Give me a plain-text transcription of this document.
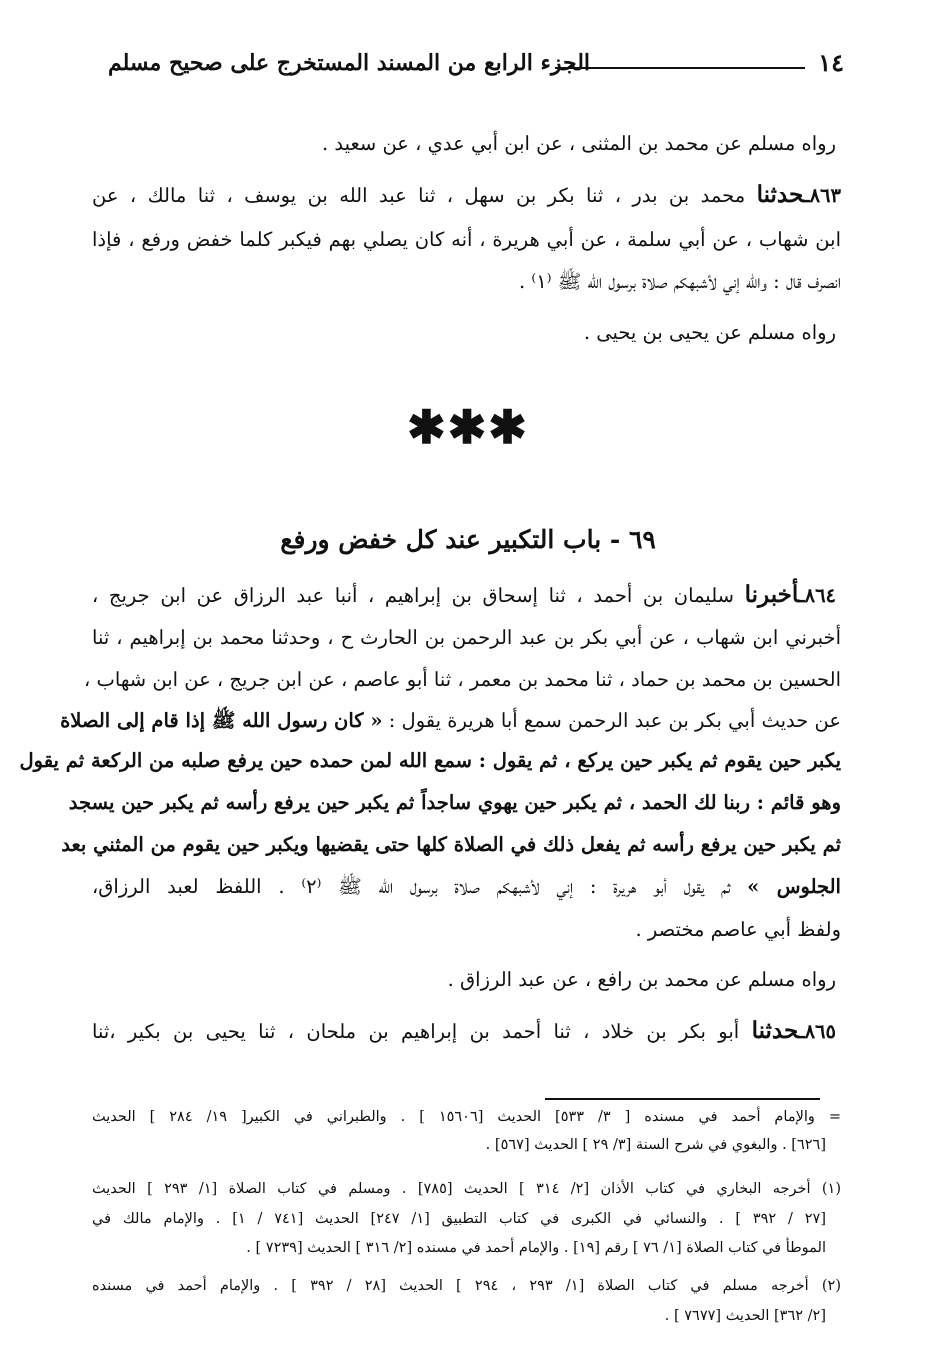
١٤
الجزء الرابع من المسند المستخرج على صحيح مسلم
رواه مسلم عن محمد بن المثنى ، عن ابن أبي عدي ، عن سعيد .
٨٦٣ـحدثنا محمد بن بدر ، ثنا بكر بن سهل ، ثنا عبد الله بن يوسف ، ثنا مالك ، عن
ابن شهاب ، عن أبي سلمة ، عن أبي هريرة ، أنه كان يصلي بهم فيكبر كلما خفض ورفع ، فإذا
انصرف قال : والله إني لأشبهكم صلاة برسول الله ﷺ ⁽١⁾ .
رواه مسلم عن يحيى بن يحيى .
✱✱✱
٦٩ - باب التكبير عند كل خفض ورفع
٨٦٤ـأخبرنا سليمان بن أحمد ، ثنا إسحاق بن إبراهيم ، أنبا عبد الرزاق عن ابن جريج ،
أخبرني ابن شهاب ، عن أبي بكر بن عبد الرحمن بن الحارث ح ، وحدثنا محمد بن إبراهيم ، ثنا
الحسين بن محمد بن حماد ، ثنا محمد بن معمر ، ثنا أبو عاصم ، عن ابن جريج ، عن ابن شهاب ،
عن حديث أبي بكر بن عبد الرحمن سمع أبا هريرة يقول : « كان رسول الله ﷺ إذا قام إلى الصلاة
يكبر حين يقوم ثم يكبر حين يركع ، ثم يقول : سمع الله لمن حمده حين يرفع صلبه من الركعة ثم يقول
وهو قائم : ربنا لك الحمد ، ثم يكبر حين يهوي ساجداً ثم يكبر حين يرفع رأسه ثم يكبر حين يسجد
ثم يكبر حين يرفع رأسه ثم يفعل ذلك في الصلاة كلها حتى يقضيها ويكبر حين يقوم من المثني بعد
الجلوس » ثم يقول أبو هريرة : إني لأشبهكم صلاة برسول الله ﷺ ⁽٢⁾ . اللفظ لعبد الرزاق،
ولفظ أبي عاصم مختصر .
رواه مسلم عن محمد بن رافع ، عن عبد الرزاق .
٨٦٥ـحدثنا أبو بكر بن خلاد ، ثنا أحمد بن إبراهيم بن ملحان ، ثنا يحيى بن بكير ،ثنا
= والإمام أحمد في مسنده [ ٣/ ٥٣٣] الحديث [١٥٦٠٦ ] . والطبراني في الكبير[ ١٩/ ٢٨٤ ] الحديث
[٦٢٦] . والبغوي في شرح السنة [٣/ ٢٩ ] الحديث [٥٦٧] .
(١) أخرجه البخاري في كتاب الأذان [٢/ ٣١٤ ] الحديث [٧٨٥] . ومسلم في كتاب الصلاة [١/ ٢٩٣ ] الحديث
[٢٧ / ٣٩٢ ] . والنسائي في الكبرى في كتاب التطبيق [١/ ٢٤٧] الحديث [٧٤١ / ١] . والإمام مالك في
الموطأ في كتاب الصلاة [١/ ٧٦ ] رقم [١٩] . والإمام أحمد في مسنده [٢/ ٣١٦ ] الحديث [٧٢٣٩ ] .
(٢) أخرجه مسلم في كتاب الصلاة [١/ ٢٩٣ ، ٢٩٤ ] الحديث [٢٨ / ٣٩٢ ] . والإمام أحمد في مسنده
[٢/ ٣٦٢] الحديث [٧٦٧٧ ] .
